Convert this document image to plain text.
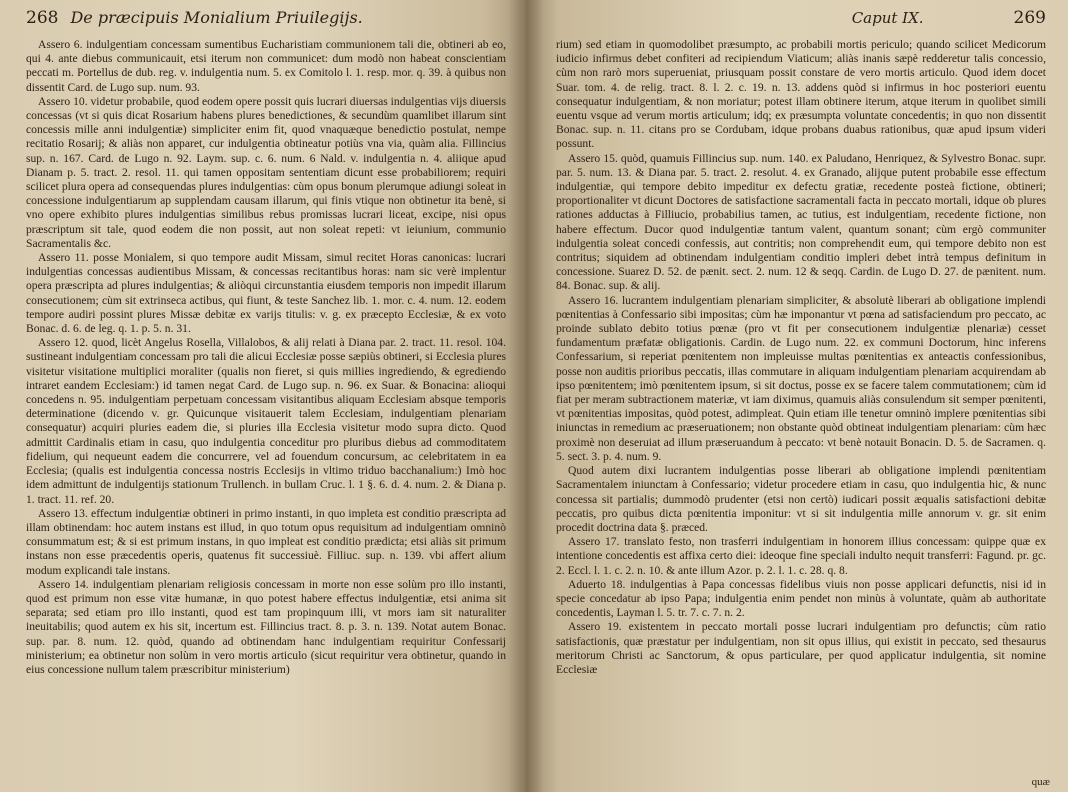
268 De præcipuis Monialium Priuilegijs.

Assero 6. indulgentiam concessam sumentibus Eucharistiam communionem tali die, obtineri ab eo, qui 4. ante diebus communicauit, etsi iterum non communicet: dum modò non habeat conscientiam peccati m. Portellus de dub. reg. v. indulgentia num. 5. ex Comitolo l. 1. resp. mor. q. 39. à quibus non dissentit Card. de Lugo sup. num. 93.

Assero 10. videtur probabile, quod eodem opere possit quis lucrari diuersas indulgentias vijs diuersis concessas (vt si quis dicat Rosarium habens plures benedictiones, & secundùm quamlibet illarum sint concessis mille anni indulgentiæ) simpliciter enim fit, quod vnaquæque benedictio postulat, nempe recitatio Rosarij; & aliàs non apparet, cur indulgentia obtineatur potiùs vna via, quàm alia. Fillincius sup. n. 167. Card. de Lugo n. 92. Laym. sup. c. 6. num. 6 Nald. v. indulgentia n. 4. aliique apud Dianam p. 5. tract. 2. resol. 11. qui tamen oppositam sententiam dicunt esse probabiliorem; requiri scilicet plura opera ad consequendas plures indulgentias: cùm opus bonum plerumque adiungi soleat in concessione indulgentiarum ap supplendam causam illarum, qui finis vtique non obtinetur ita benè, si vno opere exhibito plures indulgentias similibus rebus promissas lucrari liceat, excipe, nisi opus præscriptum sit tale, quod eodem die non possit, aut non soleat repeti: vt ieiunium, communio Sacramentalis &c.

Assero 11. posse Monialem, si quo tempore audit Missam, simul recitet Horas canonicas: lucrari indulgentias concessas audientibus Missam, & concessas recitantibus horas: nam sic verè implentur opera præscripta ad plures indulgentias; & aliòqui circunstantia eiusdem temporis non impedit illarum consecutionem; cùm sit extrinseca actibus, qui fiunt, & teste Sanchez lib. 1. mor. c. 4. num. 12. eodem tempore audiri possint plures Missæ debitæ ex varijs titulis: v. g. ex præcepto Ecclesiæ, & ex voto Bonac. d. 6. de leg. q. 1. p. 5. n. 31.

Assero 12. quod, licèt Angelus Rosella, Villalobos, & alij relati à Diana par. 2. tract. 11. resol. 104. sustineant indulgentiam concessam pro tali die alicui Ecclesiæ posse sæpiùs obtineri, si Ecclesia plures visitetur visitatione multiplici moraliter (qualis non fieret, si quis millies ingrediendo, & egrediendo intraret eandem Ecclesiam:) id tamen negat Card. de Lugo sup. n. 96. ex Suar. & Bonacina: alioqui concedens n. 95. indulgentiam perpetuam concessam visitantibus aliquam Ecclesiam absque temporis determinatione (dicendo v. gr. Quicunque visitauerit talem Ecclesiam, indulgentiam plenariam consequatur) acquiri pluries eadem die, si pluries illa Ecclesia visitetur modo supra dicto. Quod admittit Cardinalis etiam in casu, quo indulgentia conceditur pro pluribus diebus ad commoditatem fidelium, qui nequeunt eadem die concurrere, vel ad fouendum concursum, ac celebritatem in ea Ecclesia; (qualis est indulgentia concessa nostris Ecclesijs in vltimo triduo bacchanalium:) Imò hoc idem admittunt de indulgentijs stationum Trullench. in bullam Cruc. l. 1 §. 6. d. 4. num. 2. & Diana p. 1. tract. 11. ref. 20.

Assero 13. effectum indulgentiæ obtineri in primo instanti, in quo impleta est conditio præscripta ad illam obtinendam: hoc autem instans est illud, in quo totum opus requisitum ad indulgentiam omninò consummatum est; & si est primum instans, in quo impleat est conditio prædicta; etsi aliàs sit primum instans non esse præcedentis operis, quatenus fit successiuè. Filliuc. sup. n. 139. vbi affert alium modum explicandi tale instans.

Assero 14. indulgentiam plenariam religiosis concessam in morte non esse solùm pro illo instanti, quod est primum non esse vitæ humanæ, in quo potest habere effectus indulgentiæ, etsi anima sit separata; sed etiam pro illo instanti, quod est tam propinquum illi, vt mors iam sit naturaliter ineuitabilis; quod autem ex his sit, incertum est. Fillincius tract. 8. p. 3. n. 139. Notat autem Bonac. sup. par. 8. num. 12. quòd, quando ad obtinendam hanc indulgentiam requiritur Confessarij ministerium; ea obtinetur non solùm in vero mortis articulo (sicut requiritur vera obtinetur, quando in eius concessione nullum talem præscribitur ministerium)

Caput IX.	269

rium) sed etiam in quomodolibet præsumpto, ac probabili mortis periculo; quando scilicet Medicorum iudicio infirmus debet confiteri ad recipiendum Viaticum; aliàs inanis sæpè redderetur talis concessio, cùm non rarò mors superueniat, priusquam possit constare de vero mortis articulo. Quod idem docet Suar. tom. 4. de relig. tract. 8. l. 2. c. 19. n. 13. addens quòd si infirmus in hoc posteriori euentu consequatur indulgentiam, & non moriatur; potest illam obtinere iterum, atque iterum in quolibet simili euentu vsque ad verum mortis articulum; idq; ex præsumpta voluntate concedentis; in quo non dissentit Bonac. sup. n. 11. citans pro se Cordubam, idque probans duabus rationibus, quæ apud ipsum videri possunt.

Assero 15. quòd, quamuis Fillincius sup. num. 140. ex Paludano, Henriquez, & Sylvestro Bonac. supr. par. 5. num. 13. & Diana par. 5. tract. 2. resolut. 4. ex Granado, alijque putent probabile esse effectum indulgentiæ, qui tempore debito impeditur ex defectu gratiæ, recedente posteà fictione, obtineri; proportionaliter vt dicunt Doctores de satisfactione sacramentali facta in peccato mortali, idque ob plures rationes adductas à Filliucio, probabilius tamen, ac tutius, est indulgentiam, recedente fictione, non habere effectum. Ducor quod indulgentiæ tantum valent, quantum sonant; cùm ergò communiter indulgentia soleat concedi confessis, aut contritis; non comprehendit eum, qui tempore debito non est contritus; siquidem ad obtinendam indulgentiam conditio impleri debet intrà tempus definitum in concessione. Suarez D. 52. de pænit. sect. 2. num. 12 & seqq. Cardin. de Lugo D. 27. de pænitent. num. 84. Bonac. sup. & alij.

Assero 16. lucrantem indulgentiam plenariam simpliciter, & absolutè liberari ab obligatione implendi pœnitentias à Confessario sibi impositas; cùm hæ imponantur vt pœna ad satisfaciendum pro peccato, ac proinde sublato debito totius pœnæ (pro vt fit per consecutionem indulgentiæ plenariæ) cesset fundamentum præfatæ obligationis. Cardin. de Lugo num. 22. ex communi Doctorum, hinc inferens Confessarium, si reperiat pœnitentem non impleuisse multas pœnitentias ex anteactis confessionibus, posse non auditis prioribus peccatis, illas commutare in aliquam indulgentiam plenariam acquirendam ab ipso pœnitentem; imò pœnitentem ipsum, si sit doctus, posse ex se facere talem commutationem; cùm id fiat per meram subtractionem materiæ, vt iam diximus, quamuis aliàs consulendum sit semper pœnitenti, vt pœnitentias impositas, quòd potest, adimpleat. Quin etiam ille tenetur omninò implere pœnitentias sibi iniunctas in remedium ac præseruationem; non obstante quòd obtineat indulgentiam plenariam: cùm hæc proximè non deseruiat ad illum præseruandum à peccato: vt benè notauit Bonacin. D. 5. de Sacramen. q. 5. sect. 3. p. 4. num. 9.

Quod autem dixi lucrantem indulgentias posse liberari ab obligatione implendi pœnitentiam Sacramentalem iniunctam à Confessario; videtur procedere etiam in casu, quo indulgentia hic, & nunc concessa sit partialis; dummodò prudenter (etsi non certò) iudicari possit æqualis satisfactioni debitæ peccatis, pro quibus dicta pœnitentia imponitur: vt si sit indulgentia mille annorum v. gr. sit enim procedit doctrina data §. præced.

Assero 17. translato festo, non trasferri indulgentiam in honorem illius concessam: quippe quæ ex intentione concedentis est affixa certo diei: ideoque fine speciali indulto nequit transferri: Fagund. pr. gc. 2. Eccl. l. 1. c. 2. n. 10. & ante illum Azor. p. 2. l. 1. c. 28. q. 8.

Aduerto 18. indulgentias à Papa concessas fidelibus viuis non posse applicari defunctis, nisi id in specie concedatur ab ipso Papa; indulgentia enim pendet non minùs à voluntate, quàm ab authoritate concedentis, Layman l. 5. tr. 7. c. 7. n. 2.

Assero 19. existentem in peccato mortali posse lucrari indulgentiam pro defunctis; cùm ratio satisfactionis, quæ præstatur per indulgentiam, non sit opus illius, qui existit in peccato, sed thesaurus meritorum Christi ac Sanctorum, & opus particulare, per quod applicatur indulgentia, sit nomine Ecclesiæ

quæ
